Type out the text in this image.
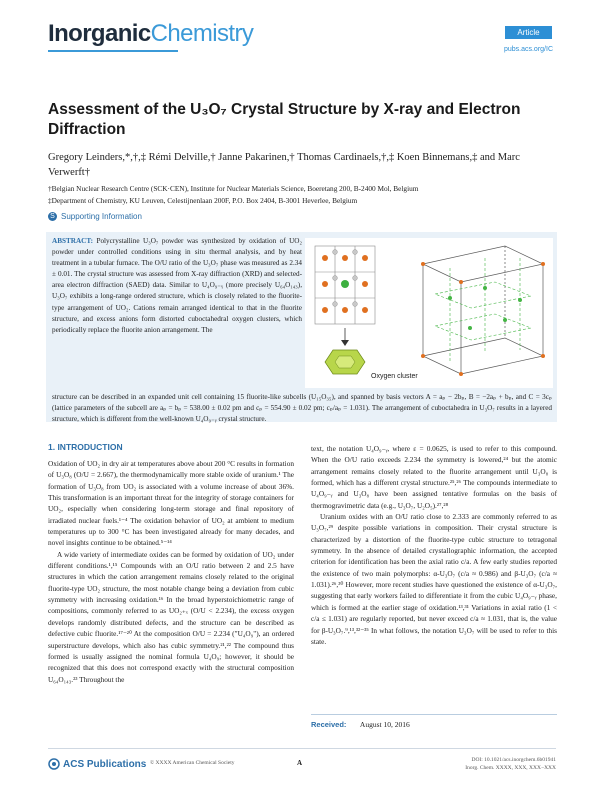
InorganicChemistry	Article
pubs.acs.org/IC
Assessment of the U₃O₇ Crystal Structure by X-ray and Electron Diffraction
Gregory Leinders,*,†,‡ Rémi Delville,† Janne Pakarinen,† Thomas Cardinaels,†,‡ Koen Binnemans,‡ and Marc Verwerft†
†Belgian Nuclear Research Centre (SCK·CEN), Institute for Nuclear Materials Science, Boeretang 200, B-2400 Mol, Belgium
‡Department of Chemistry, KU Leuven, Celestijnenlaan 200F, P.O. Box 2404, B-3001 Heverlee, Belgium
S Supporting Information
ABSTRACT: Polycrystalline U₃O₇ powder was synthesized by oxidation of UO₂ powder under controlled conditions using in situ thermal analysis, and by heat treatment in a tubular furnace. The O/U ratio of the U₃O₇ phase was measured as 2.34 ± 0.01. The crystal structure was assessed from X-ray diffraction (XRD) and selected-area electron diffraction (SAED) data. Similar to U₄O₉₋ᵧ (more precisely U₆₄O₁₄₃), U₃O₇ exhibits a long-range ordered structure, which is closely related to the fluorite-type arrangement of UO₂. Cations remain arranged identical to that in the fluorite structure, and excess anions form distorted cuboctahedral oxygen clusters, which periodically replace the fluorite anion arrangement. The
structure can be described in an expanded unit cell containing 15 fluorite-like subcells (U₁₅O₃₅), and spanned by basis vectors A = aₚ − 2bₚ, B = −2aₚ + bₚ, and C = 3cₚ (lattice parameters of the subcell are aₚ = bₚ = 538.00 ± 0.02 pm and cₚ = 554.90 ± 0.02 pm; cₚ/aₚ = 1.031). The arrangement of cuboctahedra in U₃O₇ results in a layered structure, which is different from the well-known U₄O₉₋ᵧ crystal structure.
Oxygen cluster
1. INTRODUCTION

Oxidation of UO₂ in dry air at temperatures above about 200 °C results in formation of U₃O₈ (O/U = 2.667), the thermodynamically more stable oxide of uranium.¹ The formation of U₃O₈ from UO₂ is associated with a volume increase of about 36%. This transformation is an important threat for the integrity of storage containers for UO₂, especially when considering long-term storage and final repository of irradiated nuclear fuels.¹⁻⁴ The oxidation behavior of UO₂ at ambient to medium temperatures up to 300 °C has been investigated already for many decades, and novel insights continue to be obtained.⁵⁻¹⁴

A wide variety of intermediate oxides can be formed by oxidation of UO₂ under different conditions.¹,¹⁵ Compounds with an O/U ratio between 2 and 2.5 have structures in which the cation arrangement remains closely related to the original fluorite-type UO₂ structure, the most notable change being a deviation from cubic symmetry with increasing oxidation.¹⁶ In the broad hyperstoichiometric range of compositions, commonly referred to as UO₂₊ₓ (O/U < 2.234), the excess oxygen develops randomly distributed defects, and the structure can be described as defective cubic fluorite.¹⁷⁻²⁰ At the composition O/U = 2.234 ("U₄O₉"), an ordered superstructure develops, which also has cubic symmetry.²¹,²² The compound thus formed is usually assigned the nominal formula U₄O₉; however, it should be recognized that this does not correspond exactly with the structural composition U₆₄O₁₄₃.²³ Throughout the

text, the notation U₄O₉₋ᵧ, where ε = 0.0625, is used to refer to this compound. When the O/U ratio exceeds 2.234 the symmetry is lowered,²⁴ but the atomic arrangement remains closely related to the fluorite arrangement until U₃O₈ is formed, which has a different crystal structure.²⁵,²⁶ The compounds intermediate to U₄O₉₋ᵧ and U₃O₈ have been assigned tentative formulas on the basis of thermogravimetric data (e.g., U₃O₇, U₂O₅).²⁷,²⁸

Uranium oxides with an O/U ratio close to 2.333 are commonly referred to as U₃O₇,²⁹ despite possible variations in composition. Their crystal structure is characterized by a distortion of the fluorite-type cubic structure to tetragonal symmetry. In the absence of detailed crystallographic information, the accepted criterion for identification has been the axial ratio c/a. A few early studies reported the existence of two main polymorphs: α-U₃O₇ (c/a ≈ 0.986) and β-U₃O₇ (c/a ≈ 1.031).²⁶,³⁰ However, more recent studies have questioned the existence of α-U₃O₇, suggesting that early workers failed to differentiate it from the cubic U₄O₉₋ᵧ phase, which is formed at the earlier stage of oxidation.¹³,³¹ Variations in axial ratio (1 < c/a ≤ 1.031) are regularly reported, but never exceed c/a ≈ 1.031, that is, the value for β-U₃O₇.⁹,¹³,³²⁻³⁵ In what follows, the notation U₃O₇ will be used to refer to this state.

Received: August 10, 2016
ACS Publications © XXXX American Chemical Society	A	DOI: 10.1021/acs.inorgchem.6b01941
Inorg. Chem. XXXX, XXX, XXX−XXX
